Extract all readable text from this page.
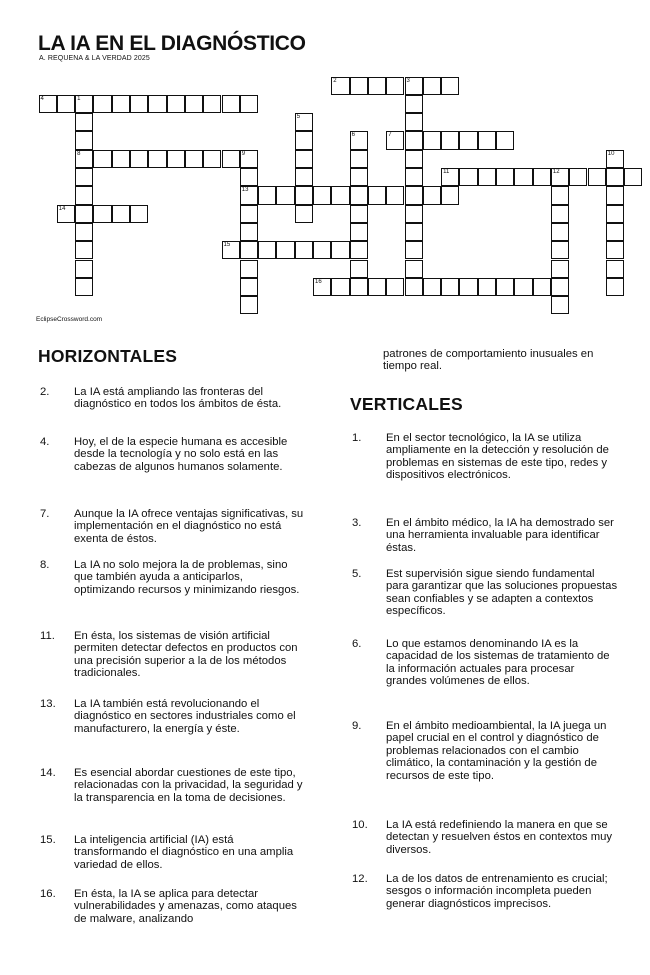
LA IA EN EL DIAGNÓSTICO
A. REQUENA & LA VERDAD 2025
2	3
4	1
7
8	9
11	12
13
14
15
16
5
6
10
EclipseCrossword.com
HORIZONTALES
VERTICALES
patrones de comportamiento inusuales en tiempo real.
2. La IA está ampliando las fronteras del diagnóstico en todos los ámbitos de ésta.
4. Hoy, el de la especie humana es accesible desde la tecnología y no solo está en las cabezas de algunos humanos solamente.
7. Aunque la IA ofrece ventajas significativas, su implementación en el diagnóstico no está exenta de éstos.
8. La IA no solo mejora la de problemas, sino que también ayuda a anticiparlos, optimizando recursos y minimizando riesgos.
11. En ésta, los sistemas de visión artificial permiten detectar defectos en productos con una precisión superior a la de los métodos tradicionales.
13. La IA también está revolucionando el diagnóstico en sectores industriales como el manufacturero, la energía y éste.
14. Es esencial abordar cuestiones de este tipo, relacionadas con la privacidad, la seguridad y la transparencia en la toma de decisiones.
15. La inteligencia artificial (IA) está transformando el diagnóstico en una amplia variedad de ellos.
16. En ésta, la IA se aplica para detectar vulnerabilidades y amenazas, como ataques de malware, analizando
1. En el sector tecnológico, la IA se utiliza ampliamente en la detección y resolución de problemas en sistemas de este tipo, redes y dispositivos electrónicos.
3. En el ámbito médico, la IA ha demostrado ser una herramienta invaluable para identificar éstas.
5. Est supervisión sigue siendo fundamental para garantizar que las soluciones propuestas sean confiables y se adapten a contextos específicos.
6. Lo que estamos denominando IA es la capacidad de los sistemas de tratamiento de la información actuales para procesar grandes volúmenes de ellos.
9. En el ámbito medioambiental, la IA juega un papel crucial en el control y diagnóstico de problemas relacionados con el cambio climático, la contaminación y la gestión de recursos de este tipo.
10. La IA está redefiniendo la manera en que se detectan y resuelven éstos en contextos muy diversos.
12. La de los datos de entrenamiento es crucial; sesgos o información incompleta pueden generar diagnósticos imprecisos.
